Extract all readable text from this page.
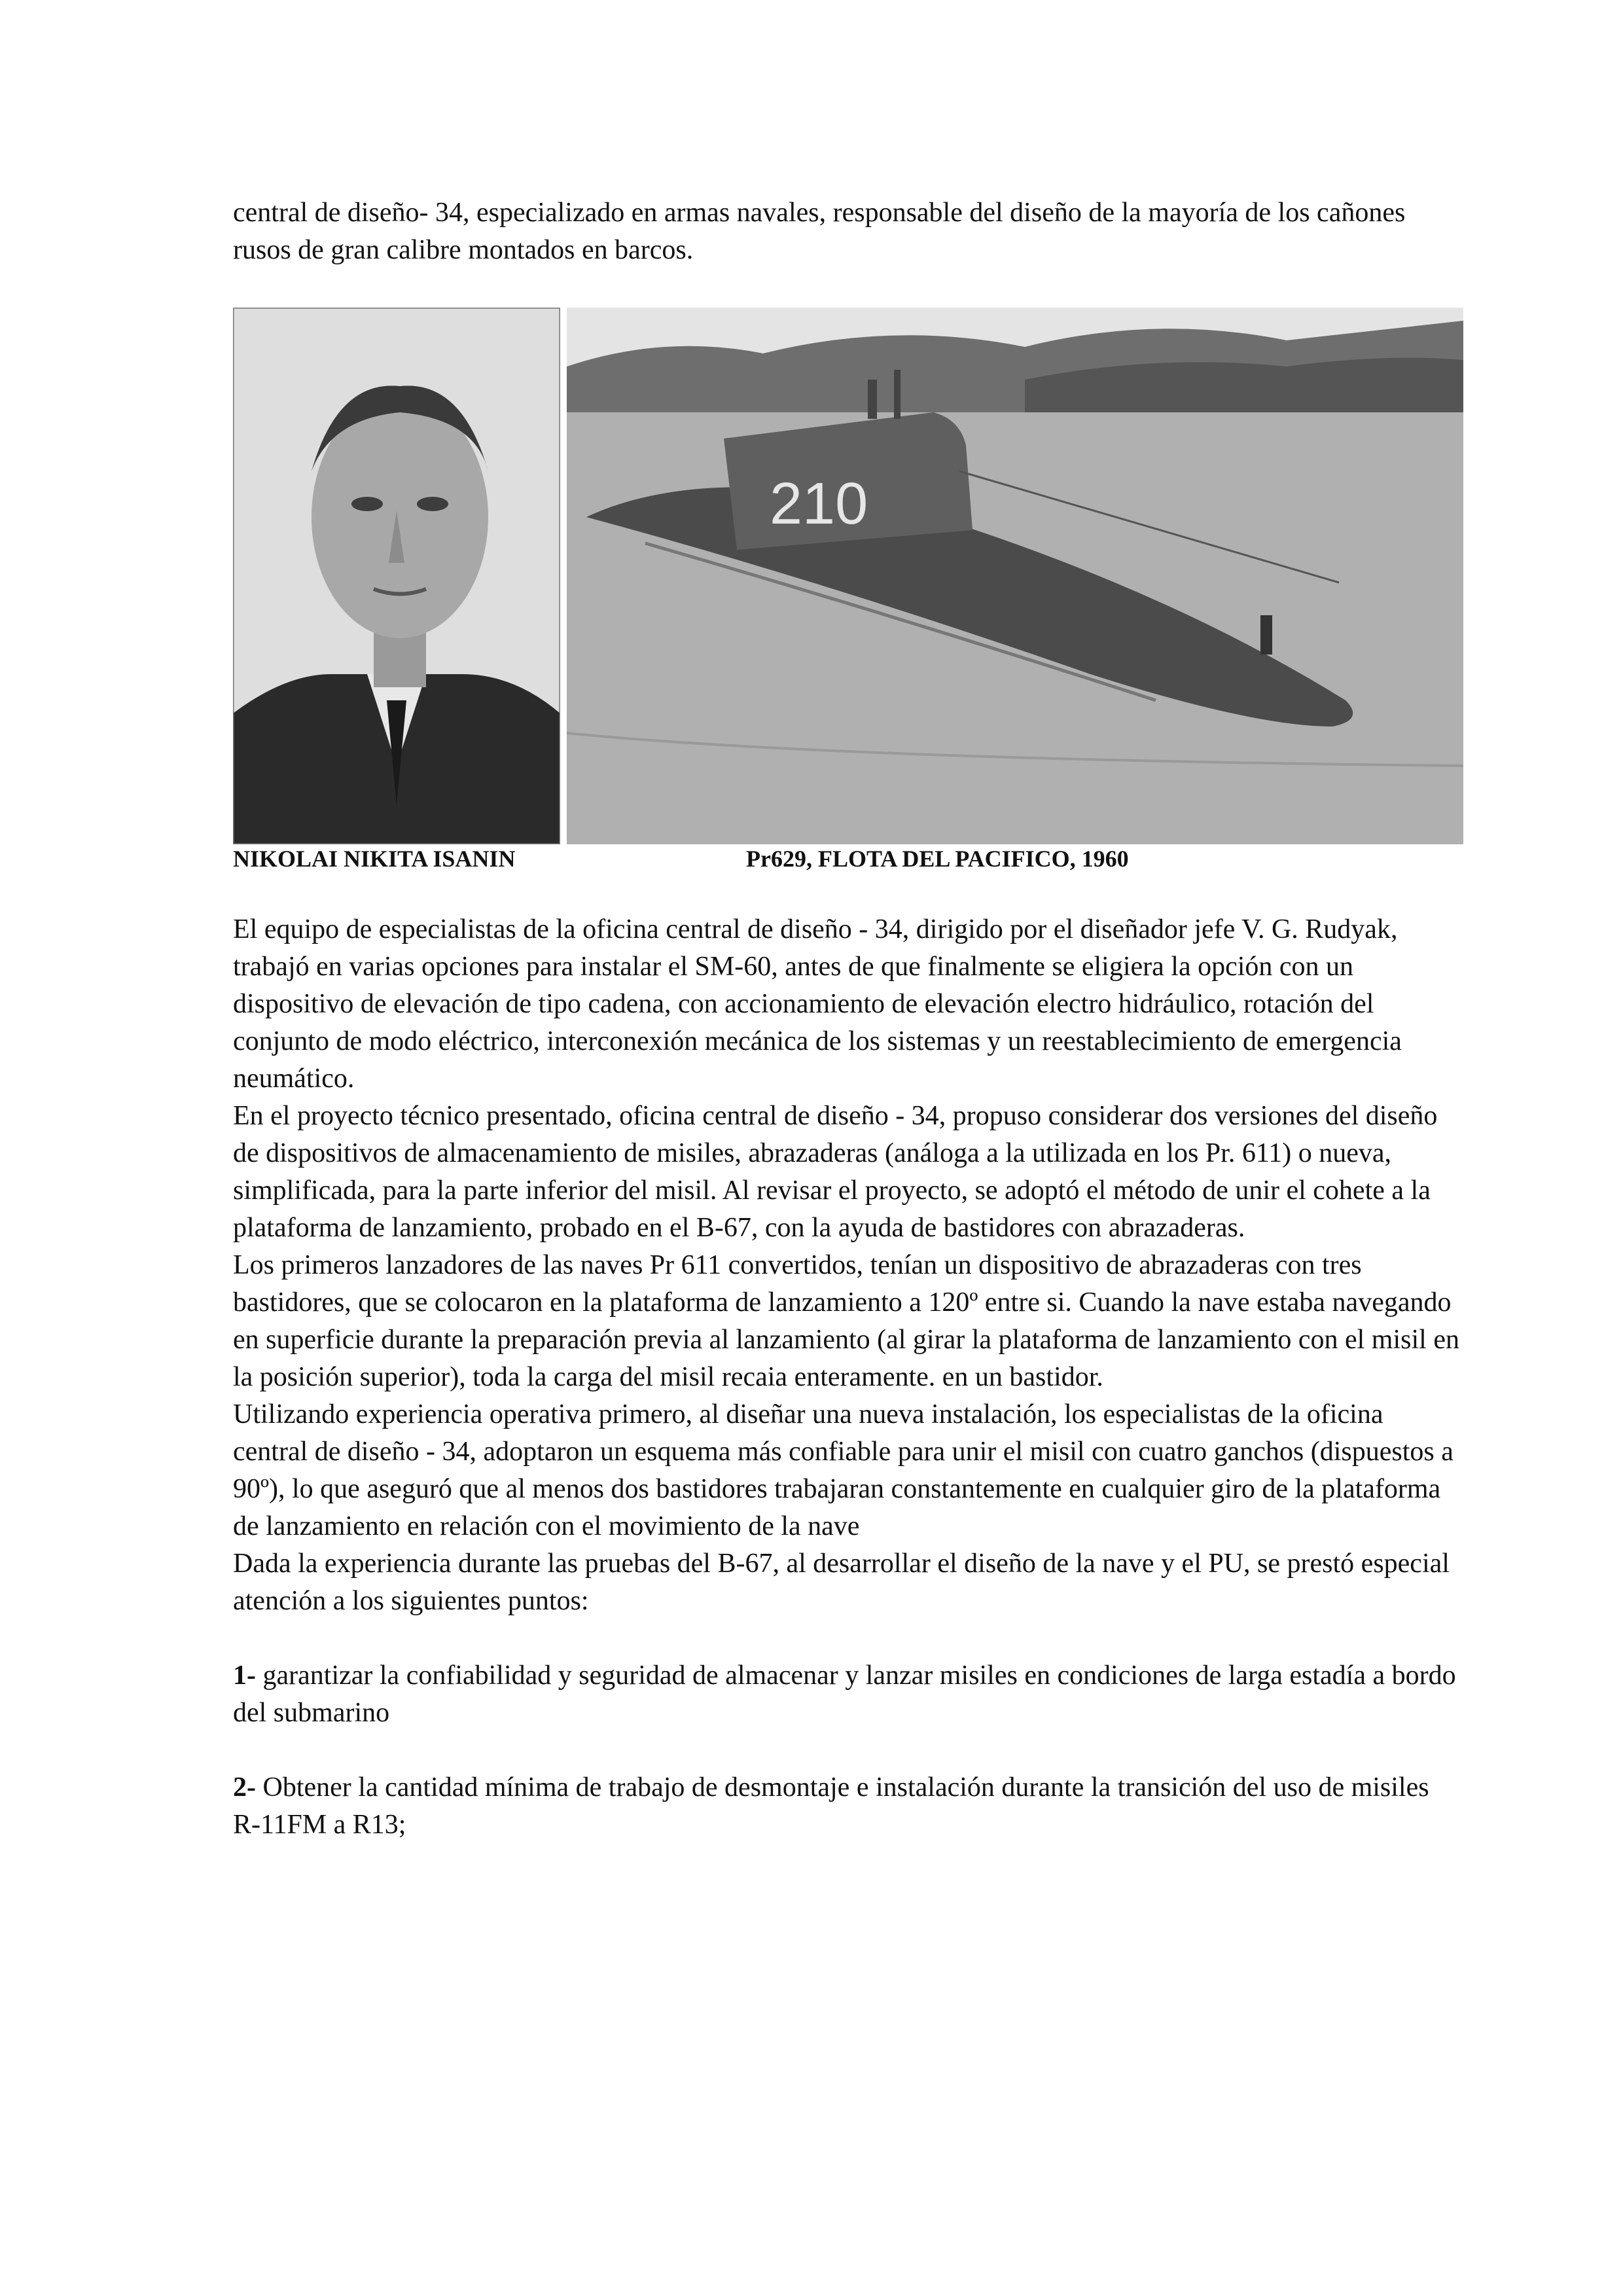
central de diseño- 34, especializado en armas navales, responsable del diseño de la mayoría de los cañones rusos de gran calibre montados en barcos.

210
NIKOLAI NIKITA ISANIN	Pr629, FLOTA DEL PACIFICO, 1960

El equipo de especialistas de la oficina central de diseño - 34, dirigido por el diseñador jefe V. G. Rudyak, trabajó en varias opciones para instalar el SM-60, antes de que finalmente se eligiera la opción con un dispositivo de elevación de tipo cadena, con accionamiento de elevación electro hidráulico, rotación del conjunto de modo eléctrico, interconexión mecánica de los sistemas y un reestablecimiento de emergencia neumático.

En el proyecto técnico presentado, oficina central de diseño - 34, propuso considerar dos versiones del diseño de dispositivos de almacenamiento de misiles, abrazaderas (análoga a la utilizada en los Pr. 611) o nueva, simplificada, para la parte inferior del misil. Al revisar el proyecto, se adoptó el método de unir el cohete a la plataforma de lanzamiento, probado en el B-67, con la ayuda de bastidores con abrazaderas.

Los primeros lanzadores de las naves Pr 611 convertidos, tenían un dispositivo de abrazaderas con tres bastidores, que se colocaron en la plataforma de lanzamiento a 120º entre si. Cuando la nave estaba navegando en superficie durante la preparación previa al lanzamiento (al girar la plataforma de lanzamiento con el misil en la posición superior), toda la carga del misil recaia enteramente. en un bastidor.

Utilizando experiencia operativa primero, al diseñar una nueva instalación, los especialistas de la oficina central de diseño - 34, adoptaron un esquema más confiable para unir el misil con cuatro ganchos (dispuestos a 90º), lo que aseguró que al menos dos bastidores trabajaran constantemente en cualquier giro de la plataforma de lanzamiento en relación con el movimiento de la nave

Dada la experiencia durante las pruebas del B-67, al desarrollar el diseño de la nave y el PU, se prestó especial atención a los siguientes puntos:

1- garantizar la confiabilidad y seguridad de almacenar y lanzar misiles en condiciones de larga estadía a bordo del submarino

2- Obtener la cantidad mínima de trabajo de desmontaje e instalación durante la transición del uso de misiles R-11FM a R13;
